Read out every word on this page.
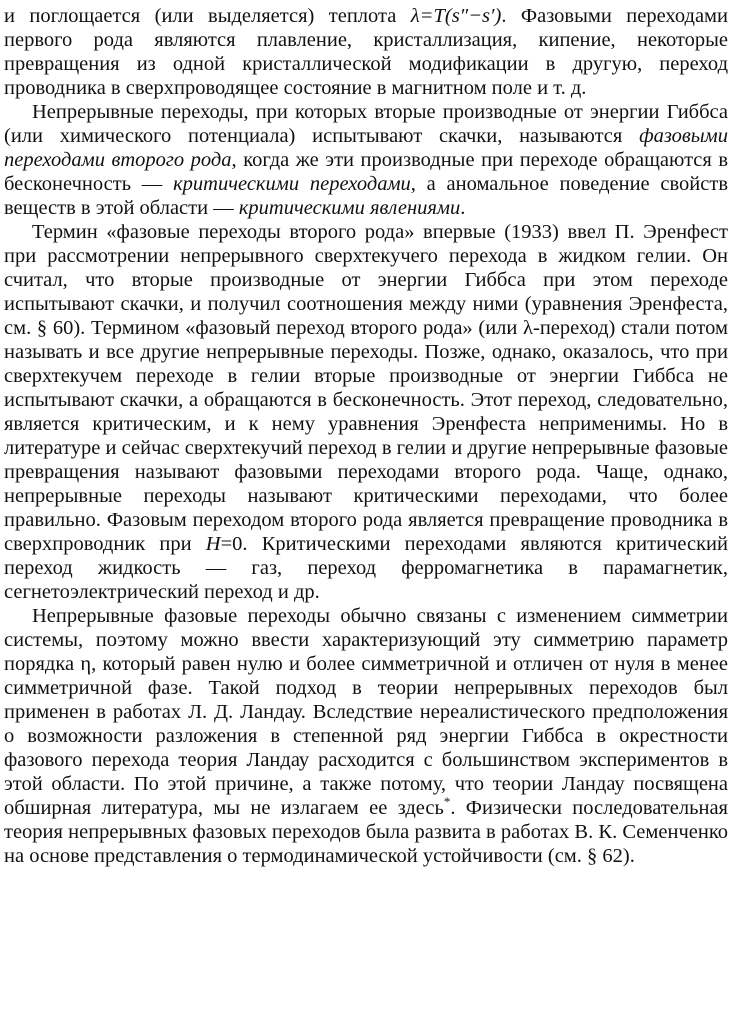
и поглощается (или выделяется) теплота λ=T(s″−s′). Фазовыми переходами первого рода являются плавление, кристаллизация, кипение, некоторые превращения из одной кристаллической модификации в другую, переход проводника в сверхпроводящее состояние в магнитном поле и т. д.

Непрерывные переходы, при которых вторые производные от энергии Гиббса (или химического потенциала) испытывают скачки, называются фазовыми переходами второго рода, когда же эти производные при переходе обращаются в бесконечность — критическими переходами, а аномальное поведение свойств веществ в этой области — критическими явлениями.

Термин «фазовые переходы второго рода» впервые (1933) ввел П. Эренфест при рассмотрении непрерывного сверхтекучего перехода в жидком гелии. Он считал, что вторые производные от энергии Гиббса при этом переходе испытывают скачки, и получил соотношения между ними (уравнения Эренфеста, см. § 60). Термином «фазовый переход второго рода» (или λ-переход) стали потом называть и все другие непрерывные переходы. Позже, однако, оказалось, что при сверхтекучем переходе в гелии вторые производные от энергии Гиббса не испытывают скачки, а обращаются в бесконечность. Этот переход, следовательно, является критическим, и к нему уравнения Эренфеста неприменимы. Но в литературе и сейчас сверхтекучий переход в гелии и другие непрерывные фазовые превращения называют фазовыми переходами второго рода. Чаще, однако, непрерывные переходы называют критическими переходами, что более правильно. Фазовым переходом второго рода является превращение проводника в сверхпроводник при H=0. Критическими переходами являются критический переход жидкость — газ, переход ферромагнетика в парамагнетик, сегнетоэлектрический переход и др.

Непрерывные фазовые переходы обычно связаны с изменением симметрии системы, поэтому можно ввести характеризующий эту симметрию параметр порядка η, который равен нулю и более симметричной и отличен от нуля в менее симметричной фазе. Такой подход в теории непрерывных переходов был применен в работах Л. Д. Ландау. Вследствие нереалистического предположения о возможности разложения в степенной ряд энергии Гиббса в окрестности фазового перехода теория Ландау расходится с большинством экспериментов в этой области. По этой причине, а также потому, что теории Ландау посвящена обширная литература, мы не излагаем ее здесь*. Физически последовательная теория непрерывных фазовых переходов была развита в работах В. К. Семенченко на основе представления о термодинамической устойчивости (см. § 62).
